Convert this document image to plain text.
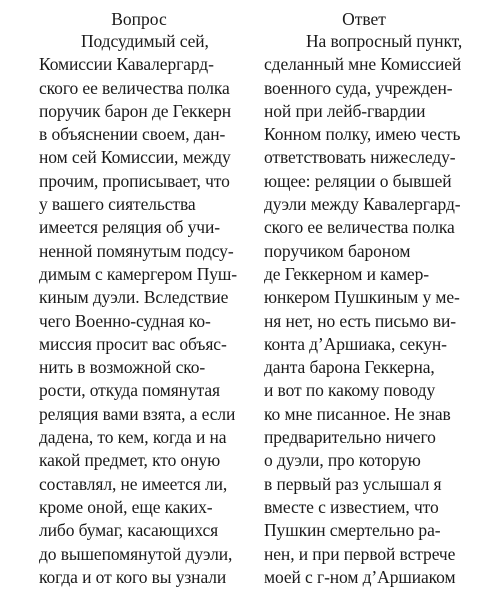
Вопрос
Подсудимый сей,
Комиссии Кавалергард-
ского ее величества полка
поручик барон де Геккерн
в объяснении своем, дан-
ном сей Комиссии, между
прочим, прописывает, что
у вашего сиятельства
имеется реляция об учи-
ненной помянутым подсу-
димым с камергером Пуш-
киным дуэли. Вследствие
чего Военно-судная ко-
миссия просит вас объяс-
нить в возможной ско-
рости, откуда помянутая
реляция вами взята, а если
дадена, то кем, когда и на
какой предмет, кто оную
составлял, не имеется ли,
кроме оной, еще каких-
либо бумаг, касающихся
до вышепомянутой дуэли,
когда и от кого вы узнали
Ответ
На вопросный пункт,
сделанный мне Комиссией
военного суда, учрежден-
ной при лейб-гвардии
Конном полку, имею честь
ответствовать нижеследу-
ющее: реляции о бывшей
дуэли между Кавалергард-
ского ее величества полка
поручиком бароном
де Геккерном и камер-
юнкером Пушкиным у ме-
ня нет, но есть письмо ви-
конта д’Аршиака, секун-
данта барона Геккерна,
и вот по какому поводу
ко мне писанное. Не знав
предварительно ничего
о дуэли, про которую
в первый раз услышал я
вместе с известием, что
Пушкин смертельно ра-
нен, и при первой встрече
моей с г-ном д’Аршиаком
